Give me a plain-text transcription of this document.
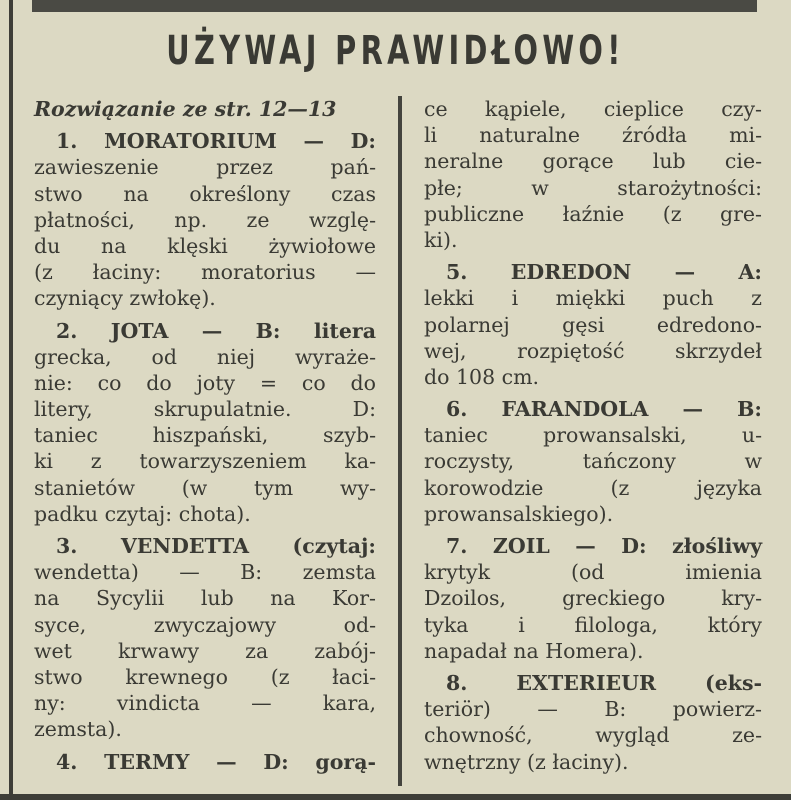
UŻYWAJ PRAWIDŁOWO!
Rozwiązanie ze str. 12—13
1. MORATORIUM — D:
zawieszenie przez pań-
stwo na określony czas
płatności, np. ze wzglę-
du na klęski żywiołowe
(z łaciny: moratorius —
czyniący zwłokę).
2. JOTA — B: litera
grecka, od niej wyraże-
nie: co do joty = co do
litery, skrupulatnie. D:
taniec hiszpański, szyb-
ki z towarzyszeniem ka-
stanietów (w tym wy-
padku czytaj: chota).
3. VENDETTA (czytaj:
wendetta) — B: zemsta
na Sycylii lub na Kor-
syce, zwyczajowy od-
wet krwawy za zabój-
stwo krewnego (z łaci-
ny: vindicta — kara,
zemsta).
4. TERMY — D: gorą-
ce kąpiele, cieplice czy-
li naturalne źródła mi-
neralne gorące lub cie-
płe; w starożytności:
publiczne łaźnie (z gre-
ki).
5. EDREDON — A:
lekki i miękki puch z
polarnej gęsi edredono-
wej, rozpiętość skrzydeł
do 108 cm.
6. FARANDOLA — B:
taniec prowansalski, u-
roczysty, tańczony w
korowodzie (z języka
prowansalskiego).
7. ZOIL — D: złośliwy
krytyk (od imienia
Dzoilos, greckiego kry-
tyka i filologa, który
napadał na Homera).
8. EXTERIEUR (eks-
teriör) — B: powierz-
chowność, wygląd ze-
wnętrzny (z łaciny).
